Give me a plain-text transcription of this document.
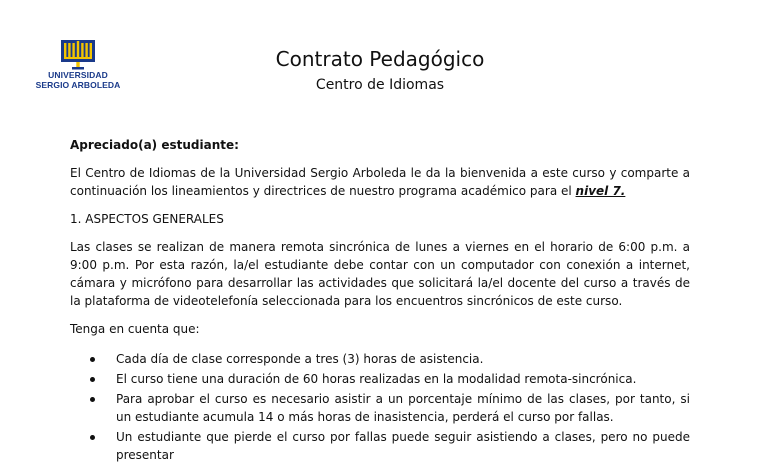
UNIVERSIDAD
SERGIO ARBOLEDA
Contrato Pedagógico
Centro de Idiomas

Apreciado(a) estudiante:

El Centro de Idiomas de la Universidad Sergio Arboleda le da la bienvenida a este curso y comparte a continuación los lineamientos y directrices de nuestro programa académico para el nivel 7.

1. ASPECTOS GENERALES

Las clases se realizan de manera remota sincrónica de lunes a viernes en el horario de 6:00 p.m. a 9:00 p.m. Por esta razón, la/el estudiante debe contar con un computador con conexión a internet, cámara y micrófono para desarrollar las actividades que solicitará la/el docente del curso a través de la plataforma de videotelefonía seleccionada para los encuentros sincrónicos de este curso.

Tenga en cuenta que:

Cada día de clase corresponde a tres (3) horas de asistencia.
El curso tiene una duración de 60 horas realizadas en la modalidad remota-sincrónica.
Para aprobar el curso es necesario asistir a un porcentaje mínimo de las clases, por tanto, si un estudiante acumula 14 o más horas de inasistencia, perderá el curso por fallas.
Un estudiante que pierde el curso por fallas puede seguir asistiendo a clases, pero no puede presentar
